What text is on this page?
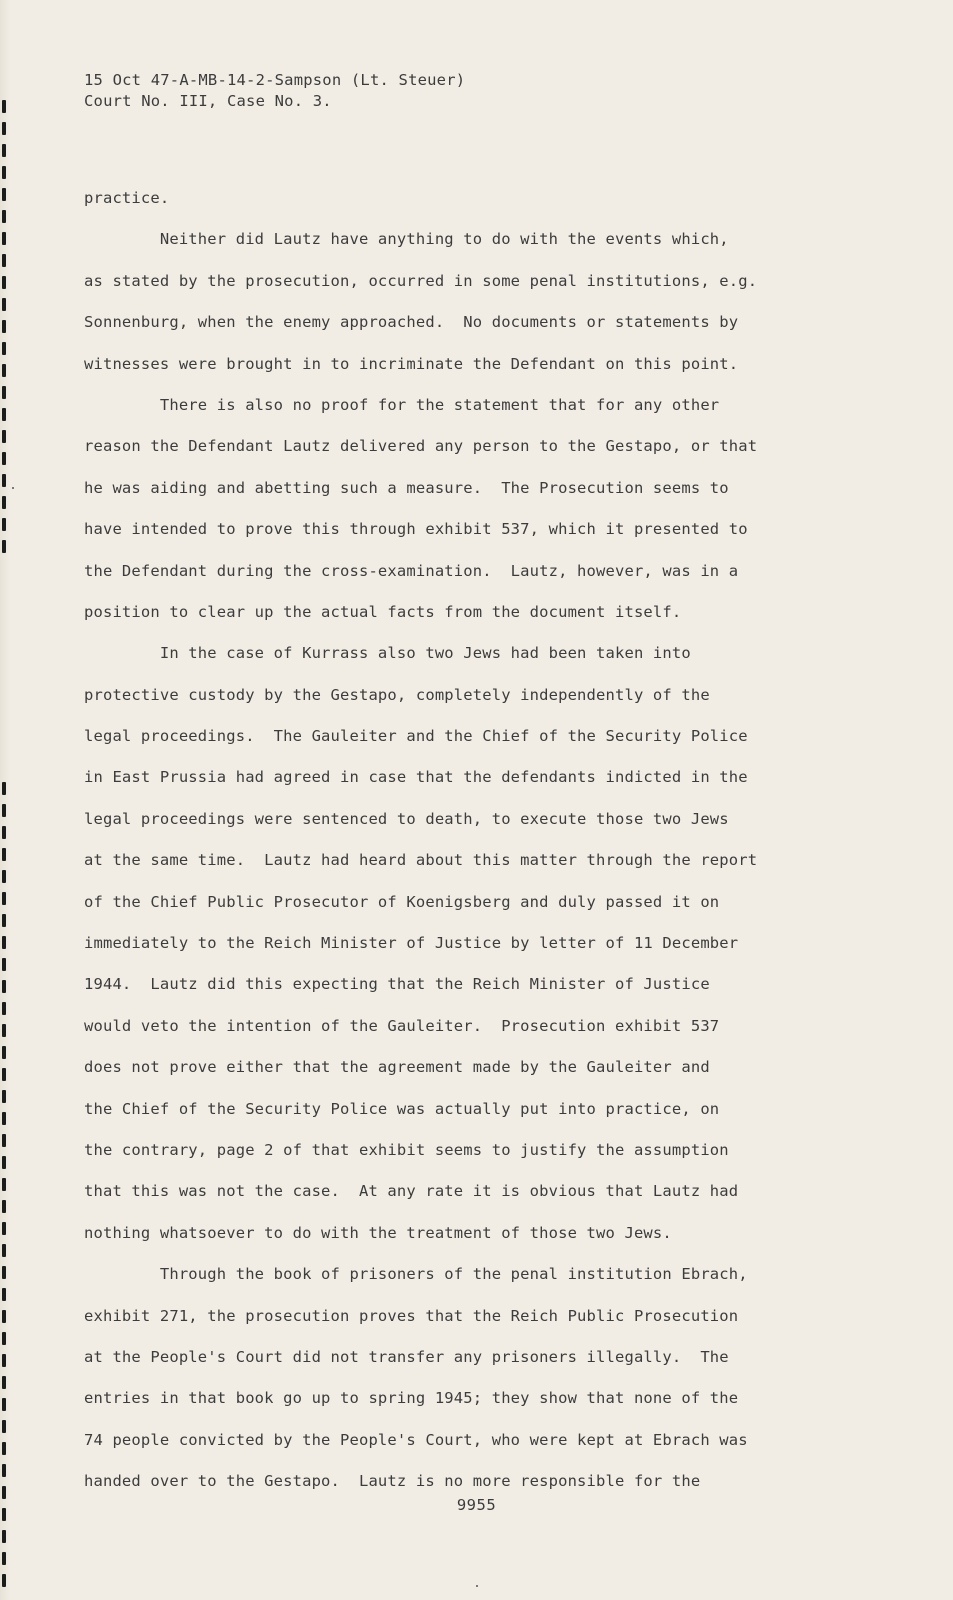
15 Oct 47-A-MB-14-2-Sampson (Lt. Steuer)
Court No. III, Case No. 3.
practice.
Neither did Lautz have anything to do with the events which,
as stated by the prosecution, occurred in some penal institutions, e.g.
Sonnenburg, when the enemy approached.  No documents or statements by
witnesses were brought in to incriminate the Defendant on this point.
There is also no proof for the statement that for any other
reason the Defendant Lautz delivered any person to the Gestapo, or that
he was aiding and abetting such a measure.  The Prosecution seems to
have intended to prove this through exhibit 537, which it presented to
the Defendant during the cross-examination.  Lautz, however, was in a
position to clear up the actual facts from the document itself.
In the case of Kurrass also two Jews had been taken into
protective custody by the Gestapo, completely independently of the
legal proceedings.  The Gauleiter and the Chief of the Security Police
in East Prussia had agreed in case that the defendants indicted in the
legal proceedings were sentenced to death, to execute those two Jews
at the same time.  Lautz had heard about this matter through the report
of the Chief Public Prosecutor of Koenigsberg and duly passed it on
immediately to the Reich Minister of Justice by letter of 11 December
1944.  Lautz did this expecting that the Reich Minister of Justice
would veto the intention of the Gauleiter.  Prosecution exhibit 537
does not prove either that the agreement made by the Gauleiter and
the Chief of the Security Police was actually put into practice, on
the contrary, page 2 of that exhibit seems to justify the assumption
that this was not the case.  At any rate it is obvious that Lautz had
nothing whatsoever to do with the treatment of those two Jews.
Through the book of prisoners of the penal institution Ebrach,
exhibit 271, the prosecution proves that the Reich Public Prosecution
at the People's Court did not transfer any prisoners illegally.  The
entries in that book go up to spring 1945; they show that none of the
74 people convicted by the People's Court, who were kept at Ebrach was
handed over to the Gestapo.  Lautz is no more responsible for the
9955
